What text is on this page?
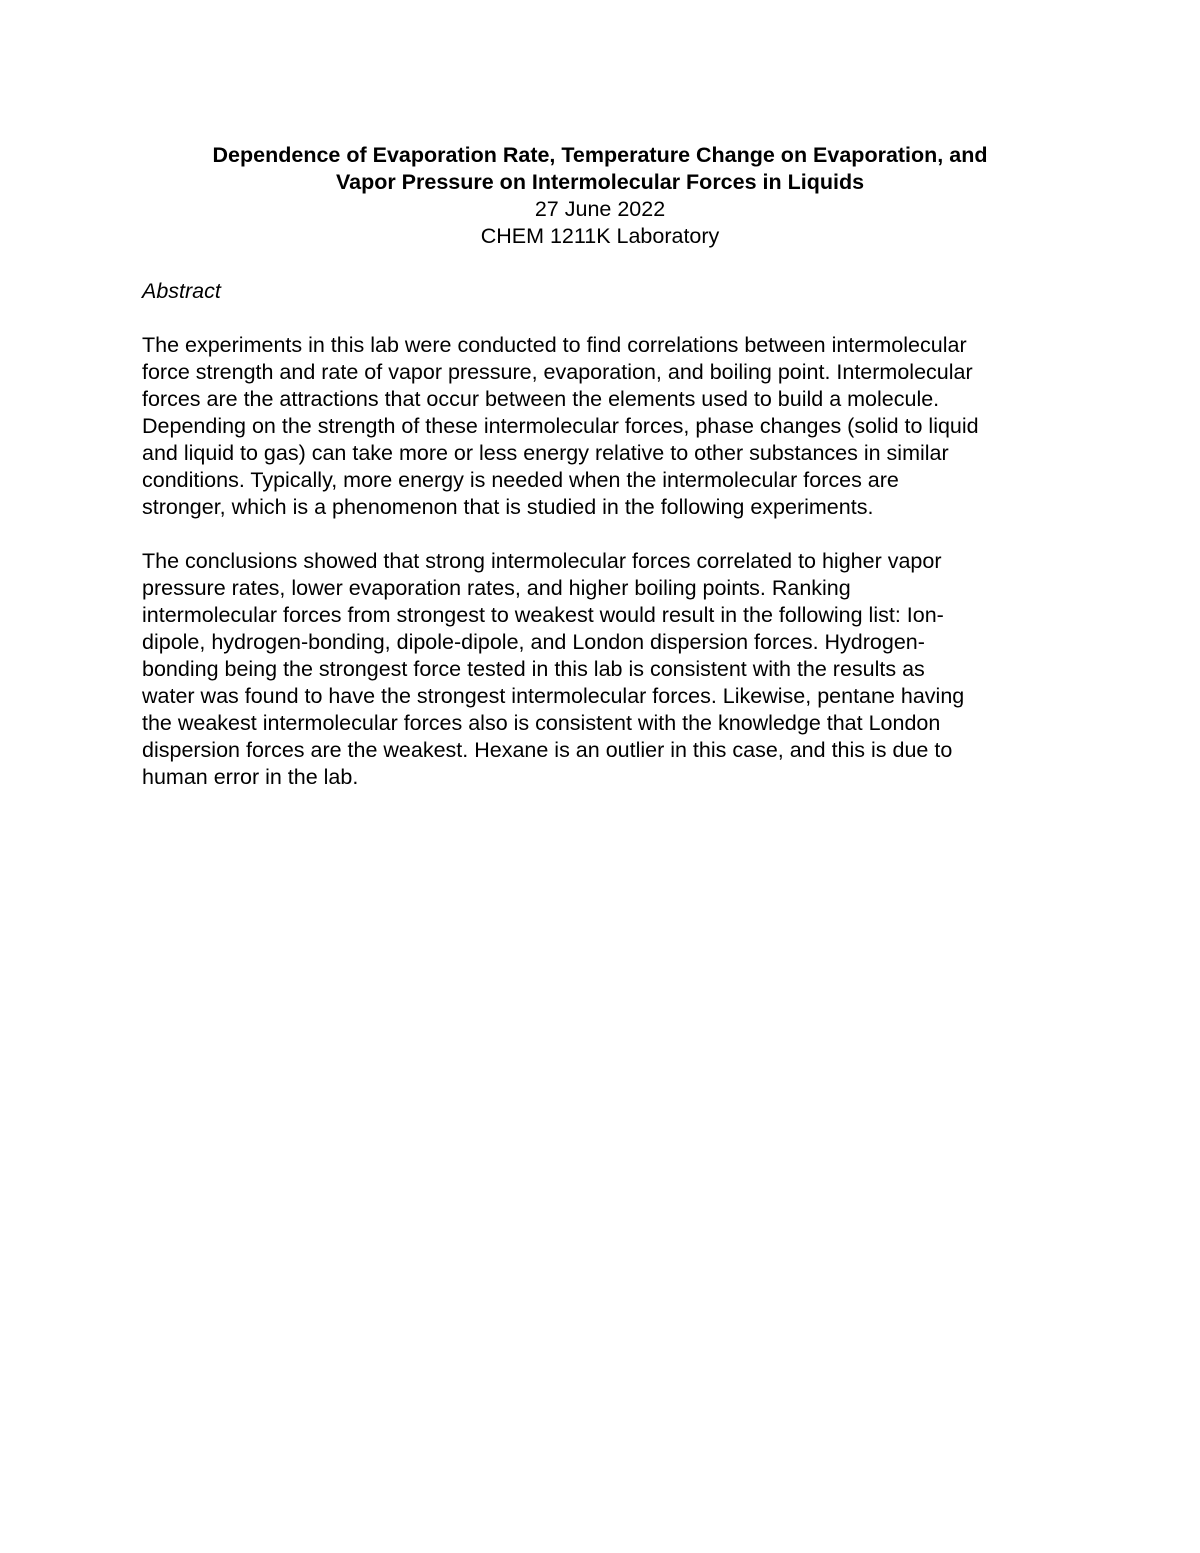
Dependence of Evaporation Rate, Temperature Change on Evaporation, and
Vapor Pressure on Intermolecular Forces in Liquids
27 June 2022
CHEM 1211K Laboratory
Abstract
The experiments in this lab were conducted to find correlations between intermolecular
force strength and rate of vapor pressure, evaporation, and boiling point. Intermolecular
forces are the attractions that occur between the elements used to build a molecule.
Depending on the strength of these intermolecular forces, phase changes (solid to liquid
and liquid to gas) can take more or less energy relative to other substances in similar
conditions. Typically, more energy is needed when the intermolecular forces are
stronger, which is a phenomenon that is studied in the following experiments.
The conclusions showed that strong intermolecular forces correlated to higher vapor
pressure rates, lower evaporation rates, and higher boiling points. Ranking
intermolecular forces from strongest to weakest would result in the following list: Ion-
dipole, hydrogen-bonding, dipole-dipole, and London dispersion forces. Hydrogen-
bonding being the strongest force tested in this lab is consistent with the results as
water was found to have the strongest intermolecular forces. Likewise, pentane having
the weakest intermolecular forces also is consistent with the knowledge that London
dispersion forces are the weakest. Hexane is an outlier in this case, and this is due to
human error in the lab.
